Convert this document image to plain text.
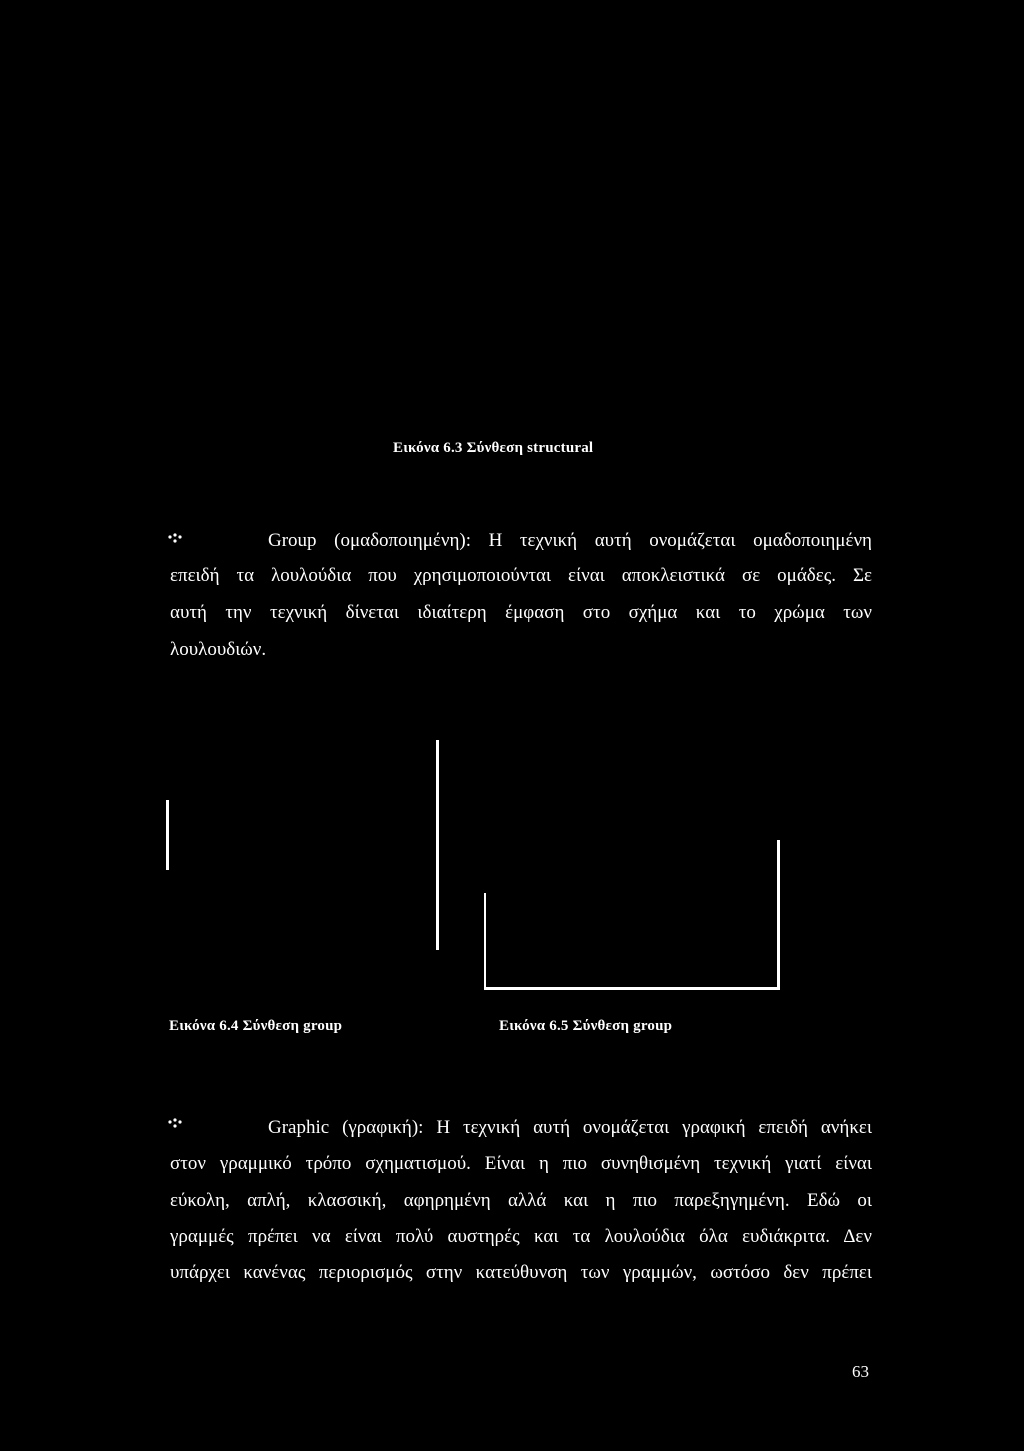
Εικόνα 6.3 Σύνθεση structural
Group (ομαδοποιημένη): Η τεχνική αυτή ονομάζεται ομαδοποιημένη
επειδή τα λουλούδια που χρησιμοποιούνται είναι αποκλειστικά σε ομάδες. Σε
αυτή την τεχνική δίνεται ιδιαίτερη έμφαση στο σχήμα και το χρώμα των
λουλουδιών.
Εικόνα 6.4 Σύνθεση group	Εικόνα 6.5 Σύνθεση group
Graphic (γραφική): Η τεχνική αυτή ονομάζεται γραφική επειδή ανήκει
στον γραμμικό τρόπο σχηματισμού. Είναι η πιο συνηθισμένη τεχνική γιατί είναι
εύκολη, απλή, κλασσική, αφηρημένη αλλά και η πιο παρεξηγημένη. Εδώ οι
γραμμές πρέπει να είναι πολύ αυστηρές και τα λουλούδια όλα ευδιάκριτα. Δεν
υπάρχει κανένας περιορισμός στην κατεύθυνση των γραμμών, ωστόσο δεν πρέπει
63
